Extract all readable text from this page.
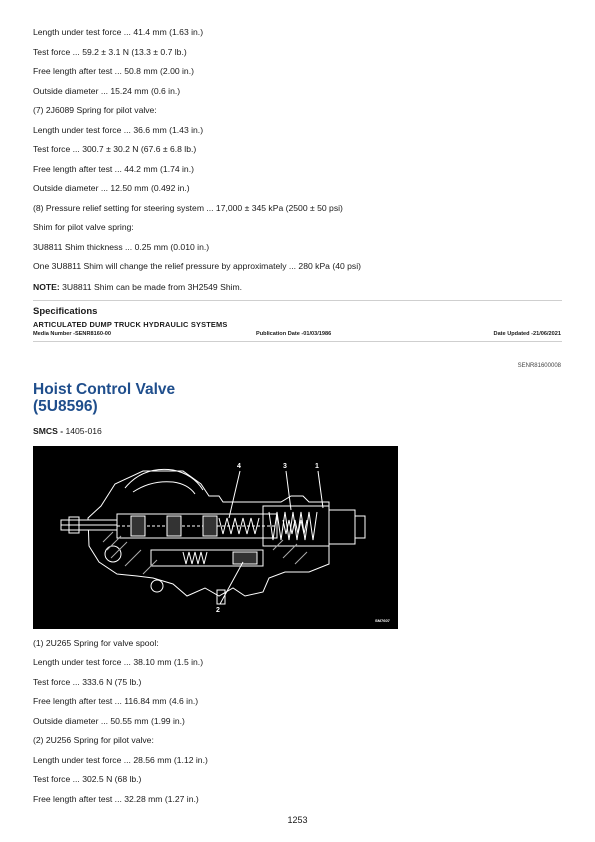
Length under test force ... 41.4 mm (1.63 in.)
Test force ... 59.2 ± 3.1 N (13.3 ± 0.7 lb.)
Free length after test ... 50.8 mm (2.00 in.)
Outside diameter ... 15.24 mm (0.6 in.)
(7) 2J6089 Spring for pilot valve:
Length under test force ... 36.6 mm (1.43 in.)
Test force ... 300.7 ± 30.2 N (67.6 ± 6.8 lb.)
Free length after test ... 44.2 mm (1.74 in.)
Outside diameter ... 12.50 mm (0.492 in.)
(8) Pressure relief setting for steering system ... 17,000 ± 345 kPa (2500 ± 50 psi)
Shim for pilot valve spring:
3U8811 Shim thickness ... 0.25 mm (0.010 in.)
One 3U8811 Shim will change the relief pressure by approximately ... 280 kPa (40 psi)
NOTE: 3U8811 Shim can be made from 3H2549 Shim.
Specifications
ARTICULATED DUMP TRUCK HYDRAULIC SYSTEMS
Media Number -SENR8160-00	Publication Date -01/03/1986	Date Updated -21/06/2021
SENR81600008
Hoist Control Valve
(5U8596)
SMCS - 1405-016
4	3	1
2
SM7607
(1) 2U265 Spring for valve spool:
Length under test force ... 38.10 mm (1.5 in.)
Test force ... 333.6 N (75 lb.)
Free length after test ... 116.84 mm (4.6 in.)
Outside diameter ... 50.55 mm (1.99 in.)
(2) 2U256 Spring for pilot valve:
Length under test force ... 28.56 mm (1.12 in.)
Test force ... 302.5 N (68 lb.)
Free length after test ... 32.28 mm (1.27 in.)
1253
